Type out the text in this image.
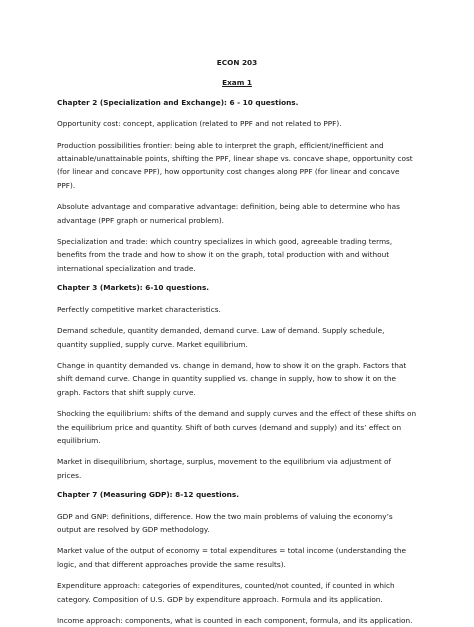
ECON 203

Exam 1

Chapter 2 (Specialization and Exchange): 6 - 10 questions.

Opportunity cost: concept, application (related to PPF and not related to PPF).

Production possibilities frontier: being able to interpret the graph, efficient/inefficient and attainable/unattainable points, shifting the PPF, linear shape vs. concave shape, opportunity cost (for linear and concave PPF), how opportunity cost changes along PPF (for linear and concave PPF).

Absolute advantage and comparative advantage: definition, being able to determine who has advantage (PPF graph or numerical problem).

Specialization and trade: which country specializes in which good, agreeable trading terms, benefits from the trade and how to show it on the graph, total production with and without international specialization and trade.

Chapter 3 (Markets): 6-10 questions.

Perfectly competitive market characteristics.

Demand schedule, quantity demanded, demand curve. Law of demand. Supply schedule, quantity supplied, supply curve. Market equilibrium.

Change in quantity demanded vs. change in demand, how to show it on the graph. Factors that shift demand curve. Change in quantity supplied vs. change in supply, how to show it on the graph. Factors that shift supply curve.

Shocking the equilibrium: shifts of the demand and supply curves and the effect of these shifts on the equilibrium price and quantity. Shift of both curves (demand and supply) and its’ effect on equilibrium.

Market in disequilibrium, shortage, surplus, movement to the equilibrium via adjustment of prices.

Chapter 7 (Measuring GDP): 8-12 questions.

GDP and GNP: definitions, difference. How the two main problems of valuing the economy’s output are resolved by GDP methodology.

Market value of the output of economy = total expenditures = total income (understanding the logic, and that different approaches provide the same results).

Expenditure approach: categories of expenditures, counted/not counted, if counted in which category. Composition of U.S. GDP by expenditure approach. Formula and its application.

Income approach: components, what is counted in each component, formula, and its application.
